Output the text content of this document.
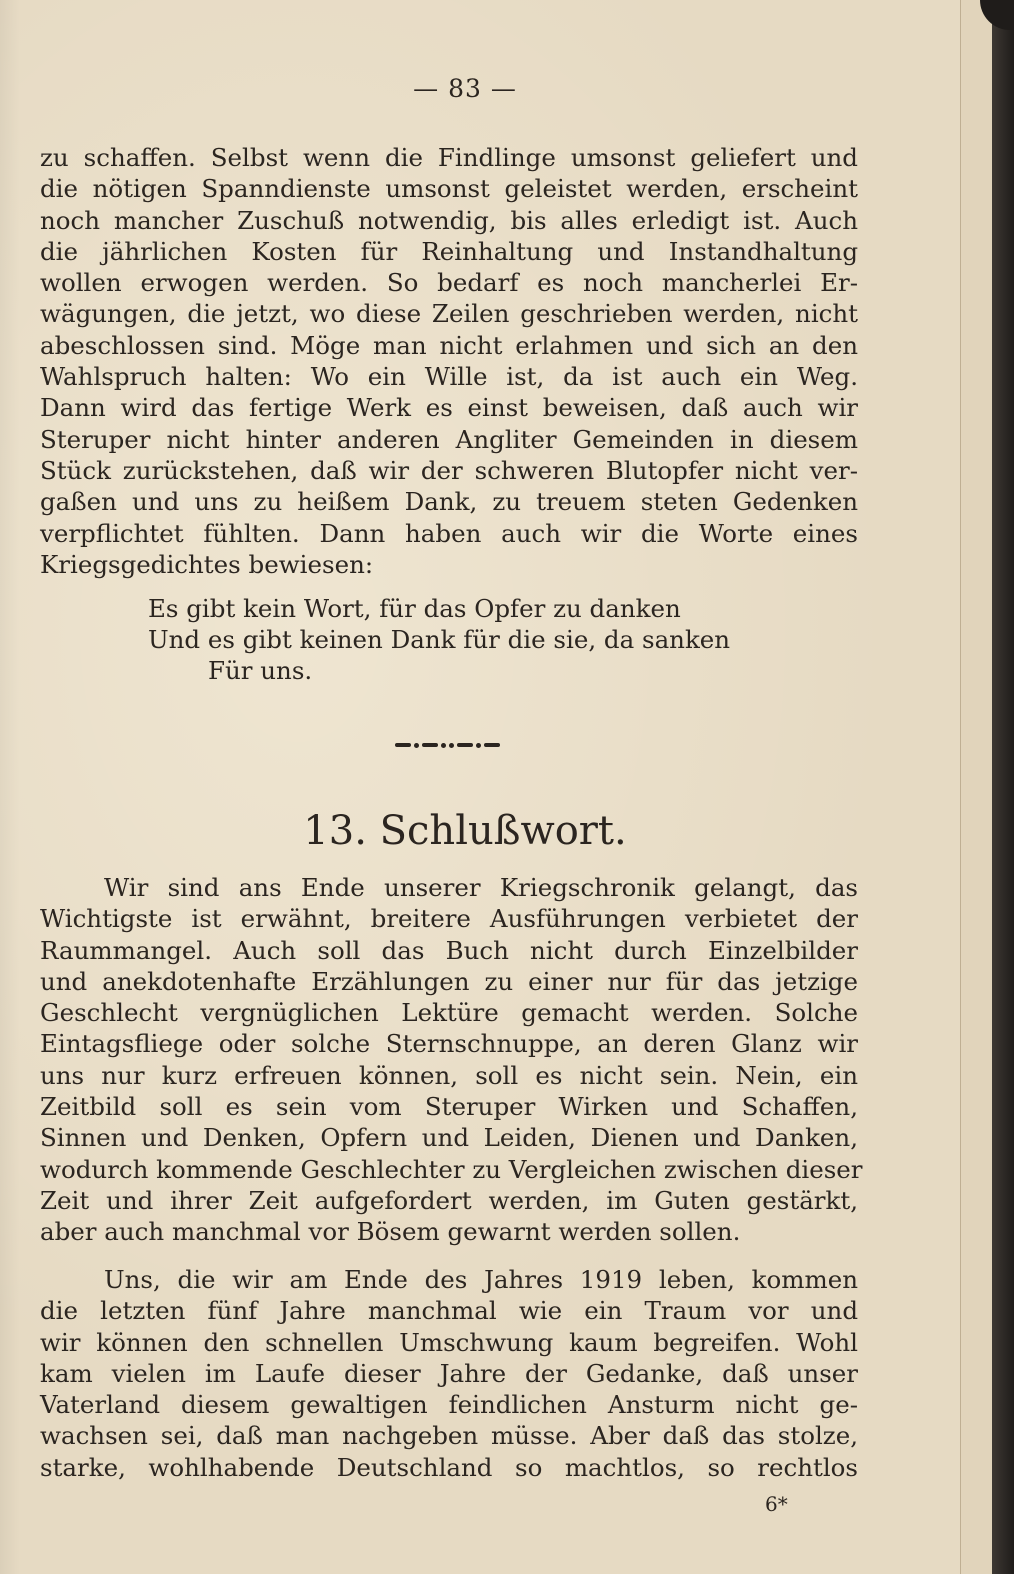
— 83 —
zu schaffen. Selbst wenn die Findlinge umsonst geliefert und
die nötigen Spanndienste umsonst geleistet werden, erscheint
noch mancher Zuschuß notwendig, bis alles erledigt ist. Auch
die jährlichen Kosten für Reinhaltung und Instandhaltung
wollen erwogen werden. So bedarf es noch mancherlei Er-
wägungen, die jetzt, wo diese Zeilen geschrieben werden, nicht
abeschlossen sind. Möge man nicht erlahmen und sich an den
Wahlspruch halten: Wo ein Wille ist, da ist auch ein Weg.
Dann wird das fertige Werk es einst beweisen, daß auch wir
Steruper nicht hinter anderen Angliter Gemeinden in diesem
Stück zurückstehen, daß wir der schweren Blutopfer nicht ver-
gaßen und uns zu heißem Dank, zu treuem steten Gedenken
verpflichtet fühlten. Dann haben auch wir die Worte eines
Kriegsgedichtes bewiesen:
Es gibt kein Wort, für das Opfer zu danken
Und es gibt keinen Dank für die sie, da sanken
Für uns.
13. Schlußwort.
Wir sind ans Ende unserer Kriegschronik gelangt, das
Wichtigste ist erwähnt, breitere Ausführungen verbietet der
Raummangel. Auch soll das Buch nicht durch Einzelbilder
und anekdotenhafte Erzählungen zu einer nur für das jetzige
Geschlecht vergnüglichen Lektüre gemacht werden. Solche
Eintagsfliege oder solche Sternschnuppe, an deren Glanz wir
uns nur kurz erfreuen können, soll es nicht sein. Nein, ein
Zeitbild soll es sein vom Steruper Wirken und Schaffen,
Sinnen und Denken, Opfern und Leiden, Dienen und Danken,
wodurch kommende Geschlechter zu Vergleichen zwischen dieser
Zeit und ihrer Zeit aufgefordert werden, im Guten gestärkt,
aber auch manchmal vor Bösem gewarnt werden sollen.
Uns, die wir am Ende des Jahres 1919 leben, kommen
die letzten fünf Jahre manchmal wie ein Traum vor und
wir können den schnellen Umschwung kaum begreifen. Wohl
kam vielen im Laufe dieser Jahre der Gedanke, daß unser
Vaterland diesem gewaltigen feindlichen Ansturm nicht ge-
wachsen sei, daß man nachgeben müsse. Aber daß das stolze,
starke, wohlhabende Deutschland so machtlos, so rechtlos
6*
